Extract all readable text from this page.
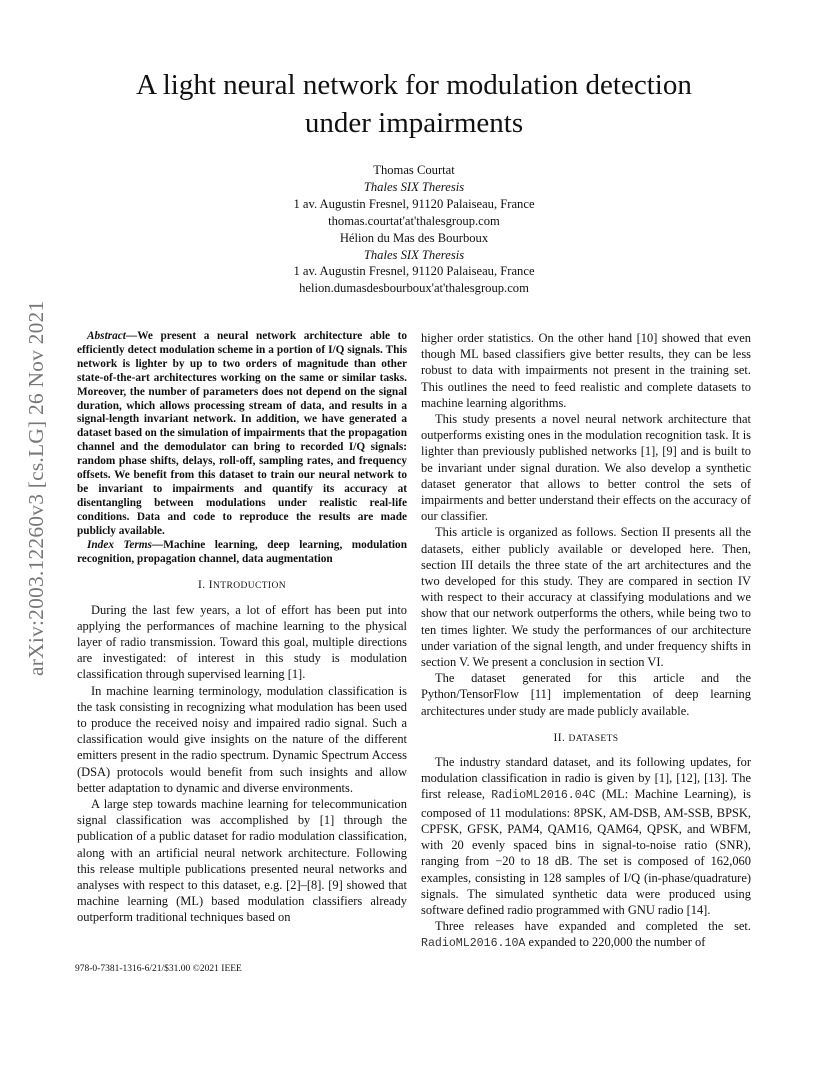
arXiv:2003.12260v3 [cs.LG] 26 Nov 2021
A light neural network for modulation detection
under impairments
Thomas Courtat
Thales SIX Theresis
1 av. Augustin Fresnel, 91120 Palaiseau, France
thomas.courtat'at'thalesgroup.com
Hélion du Mas des Bourboux
Thales SIX Theresis
1 av. Augustin Fresnel, 91120 Palaiseau, France
helion.dumasdesbourboux'at'thalesgroup.com

Abstract—We present a neural network architecture able to efficiently detect modulation scheme in a portion of I/Q signals. This network is lighter by up to two orders of magnitude than other state-of-the-art architectures working on the same or similar tasks. Moreover, the number of parameters does not depend on the signal duration, which allows processing stream of data, and results in a signal-length invariant network. In addition, we have generated a dataset based on the simulation of impairments that the propagation channel and the demodulator can bring to recorded I/Q signals: random phase shifts, delays, roll-off, sampling rates, and frequency offsets. We benefit from this dataset to train our neural network to be invariant to impairments and quantify its accuracy at disentangling between modulations under realistic real-life conditions. Data and code to reproduce the results are made publicly available.

Index Terms—Machine learning, deep learning, modulation recognition, propagation channel, data augmentation

I. INTRODUCTION

During the last few years, a lot of effort has been put into applying the performances of machine learning to the physical layer of radio transmission. Toward this goal, multiple directions are investigated: of interest in this study is modulation classification through supervised learning [1].

In machine learning terminology, modulation classification is the task consisting in recognizing what modulation has been used to produce the received noisy and impaired radio signal. Such a classification would give insights on the nature of the different emitters present in the radio spectrum. Dynamic Spectrum Access (DSA) protocols would benefit from such insights and allow better adaptation to dynamic and diverse environments.

A large step towards machine learning for telecommunication signal classification was accomplished by [1] through the publication of a public dataset for radio modulation classification, along with an artificial neural network architecture. Following this release multiple publications presented neural networks and analyses with respect to this dataset, e.g. [2]–[8]. [9] showed that machine learning (ML) based modulation classifiers already outperform traditional techniques based on

higher order statistics. On the other hand [10] showed that even though ML based classifiers give better results, they can be less robust to data with impairments not present in the training set. This outlines the need to feed realistic and complete datasets to machine learning algorithms.

This study presents a novel neural network architecture that outperforms existing ones in the modulation recognition task. It is lighter than previously published networks [1], [9] and is built to be invariant under signal duration. We also develop a synthetic dataset generator that allows to better control the sets of impairments and better understand their effects on the accuracy of our classifier.

This article is organized as follows. Section II presents all the datasets, either publicly available or developed here. Then, section III details the three state of the art architectures and the two developed for this study. They are compared in section IV with respect to their accuracy at classifying modulations and we show that our network outperforms the others, while being two to ten times lighter. We study the performances of our architecture under variation of the signal length, and under frequency shifts in section V. We present a conclusion in section VI.

The dataset generated for this article and the Python/TensorFlow [11] implementation of deep learning architectures under study are made publicly available.

II. DATASETS

The industry standard dataset, and its following updates, for modulation classification in radio is given by [1], [12], [13]. The first release, RadioML2016.04C (ML: Machine Learning), is composed of 11 modulations: 8PSK, AM-DSB, AM-SSB, BPSK, CPFSK, GFSK, PAM4, QAM16, QAM64, QPSK, and WBFM, with 20 evenly spaced bins in signal-to-noise ratio (SNR), ranging from −20 to 18 dB. The set is composed of 162,060 examples, consisting in 128 samples of I/Q (in-phase/quadrature) signals. The simulated synthetic data were produced using software defined radio programmed with GNU radio [14].

Three releases have expanded and completed the set. RadioML2016.10A expanded to 220,000 the number of

978-0-7381-1316-6/21/$31.00 ©2021 IEEE
